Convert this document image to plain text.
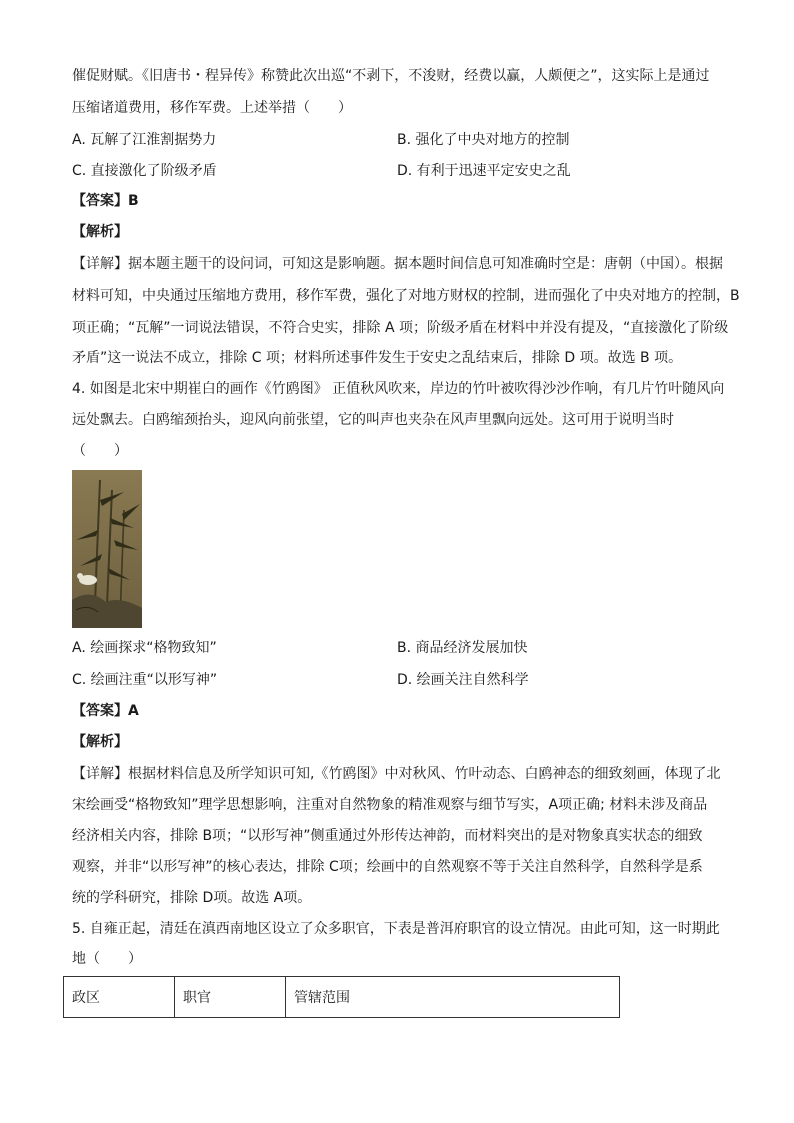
催促财赋。《旧唐书・程异传》称赞此次出巡“不剥下，不浚财，经费以赢，人颇便之”，这实际上是通过
压缩诸道费用，移作军费。上述举措（　　）
A. 瓦解了江淮割据势力	B. 强化了中央对地方的控制
C. 直接激化了阶级矛盾	D. 有利于迅速平定安史之乱
【答案】B
【解析】
【详解】据本题主题干的设问词，可知这是影响题。据本题时间信息可知准确时空是：唐朝（中国）。根据
材料可知，中央通过压缩地方费用，移作军费，强化了对地方财权的控制，进而强化了中央对地方的控制，B
项正确；“瓦解”一词说法错误，不符合史实，排除 A 项；阶级矛盾在材料中并没有提及，“直接激化了阶级
矛盾”这一说法不成立，排除 C 项；材料所述事件发生于安史之乱结束后，排除 D 项。故选 B 项。
4. 如图是北宋中期崔白的画作《竹鸥图》 正值秋风吹来，岸边的竹叶被吹得沙沙作响，有几片竹叶随风向
远处飘去。白鸥缩颈抬头，迎风向前张望，它的叫声也夹杂在风声里飘向远处。这可用于说明当时
（　　）
A. 绘画探求“格物致知”	B. 商品经济发展加快
C. 绘画注重“以形写神”	D. 绘画关注自然科学
【答案】A
【解析】
【详解】根据材料信息及所学知识可知,《竹鸥图》中对秋风、竹叶动态、白鸥神态的细致刻画，体现了北
宋绘画受“格物致知”理学思想影响，注重对自然物象的精准观察与细节写实，A项正确; 材料未涉及商品
经济相关内容，排除 B项；“以形写神”侧重通过外形传达神韵，而材料突出的是对物象真实状态的细致
观察，并非“以形写神”的核心表达，排除 C项；绘画中的自然观察不等于关注自然科学，自然科学是系
统的学科研究，排除 D项。故选 A项。
5. 自雍正起，清廷在滇西南地区设立了众多职官，下表是普洱府职官的设立情况。由此可知，这一时期此
地（　　）
政区	职官	管辖范围
